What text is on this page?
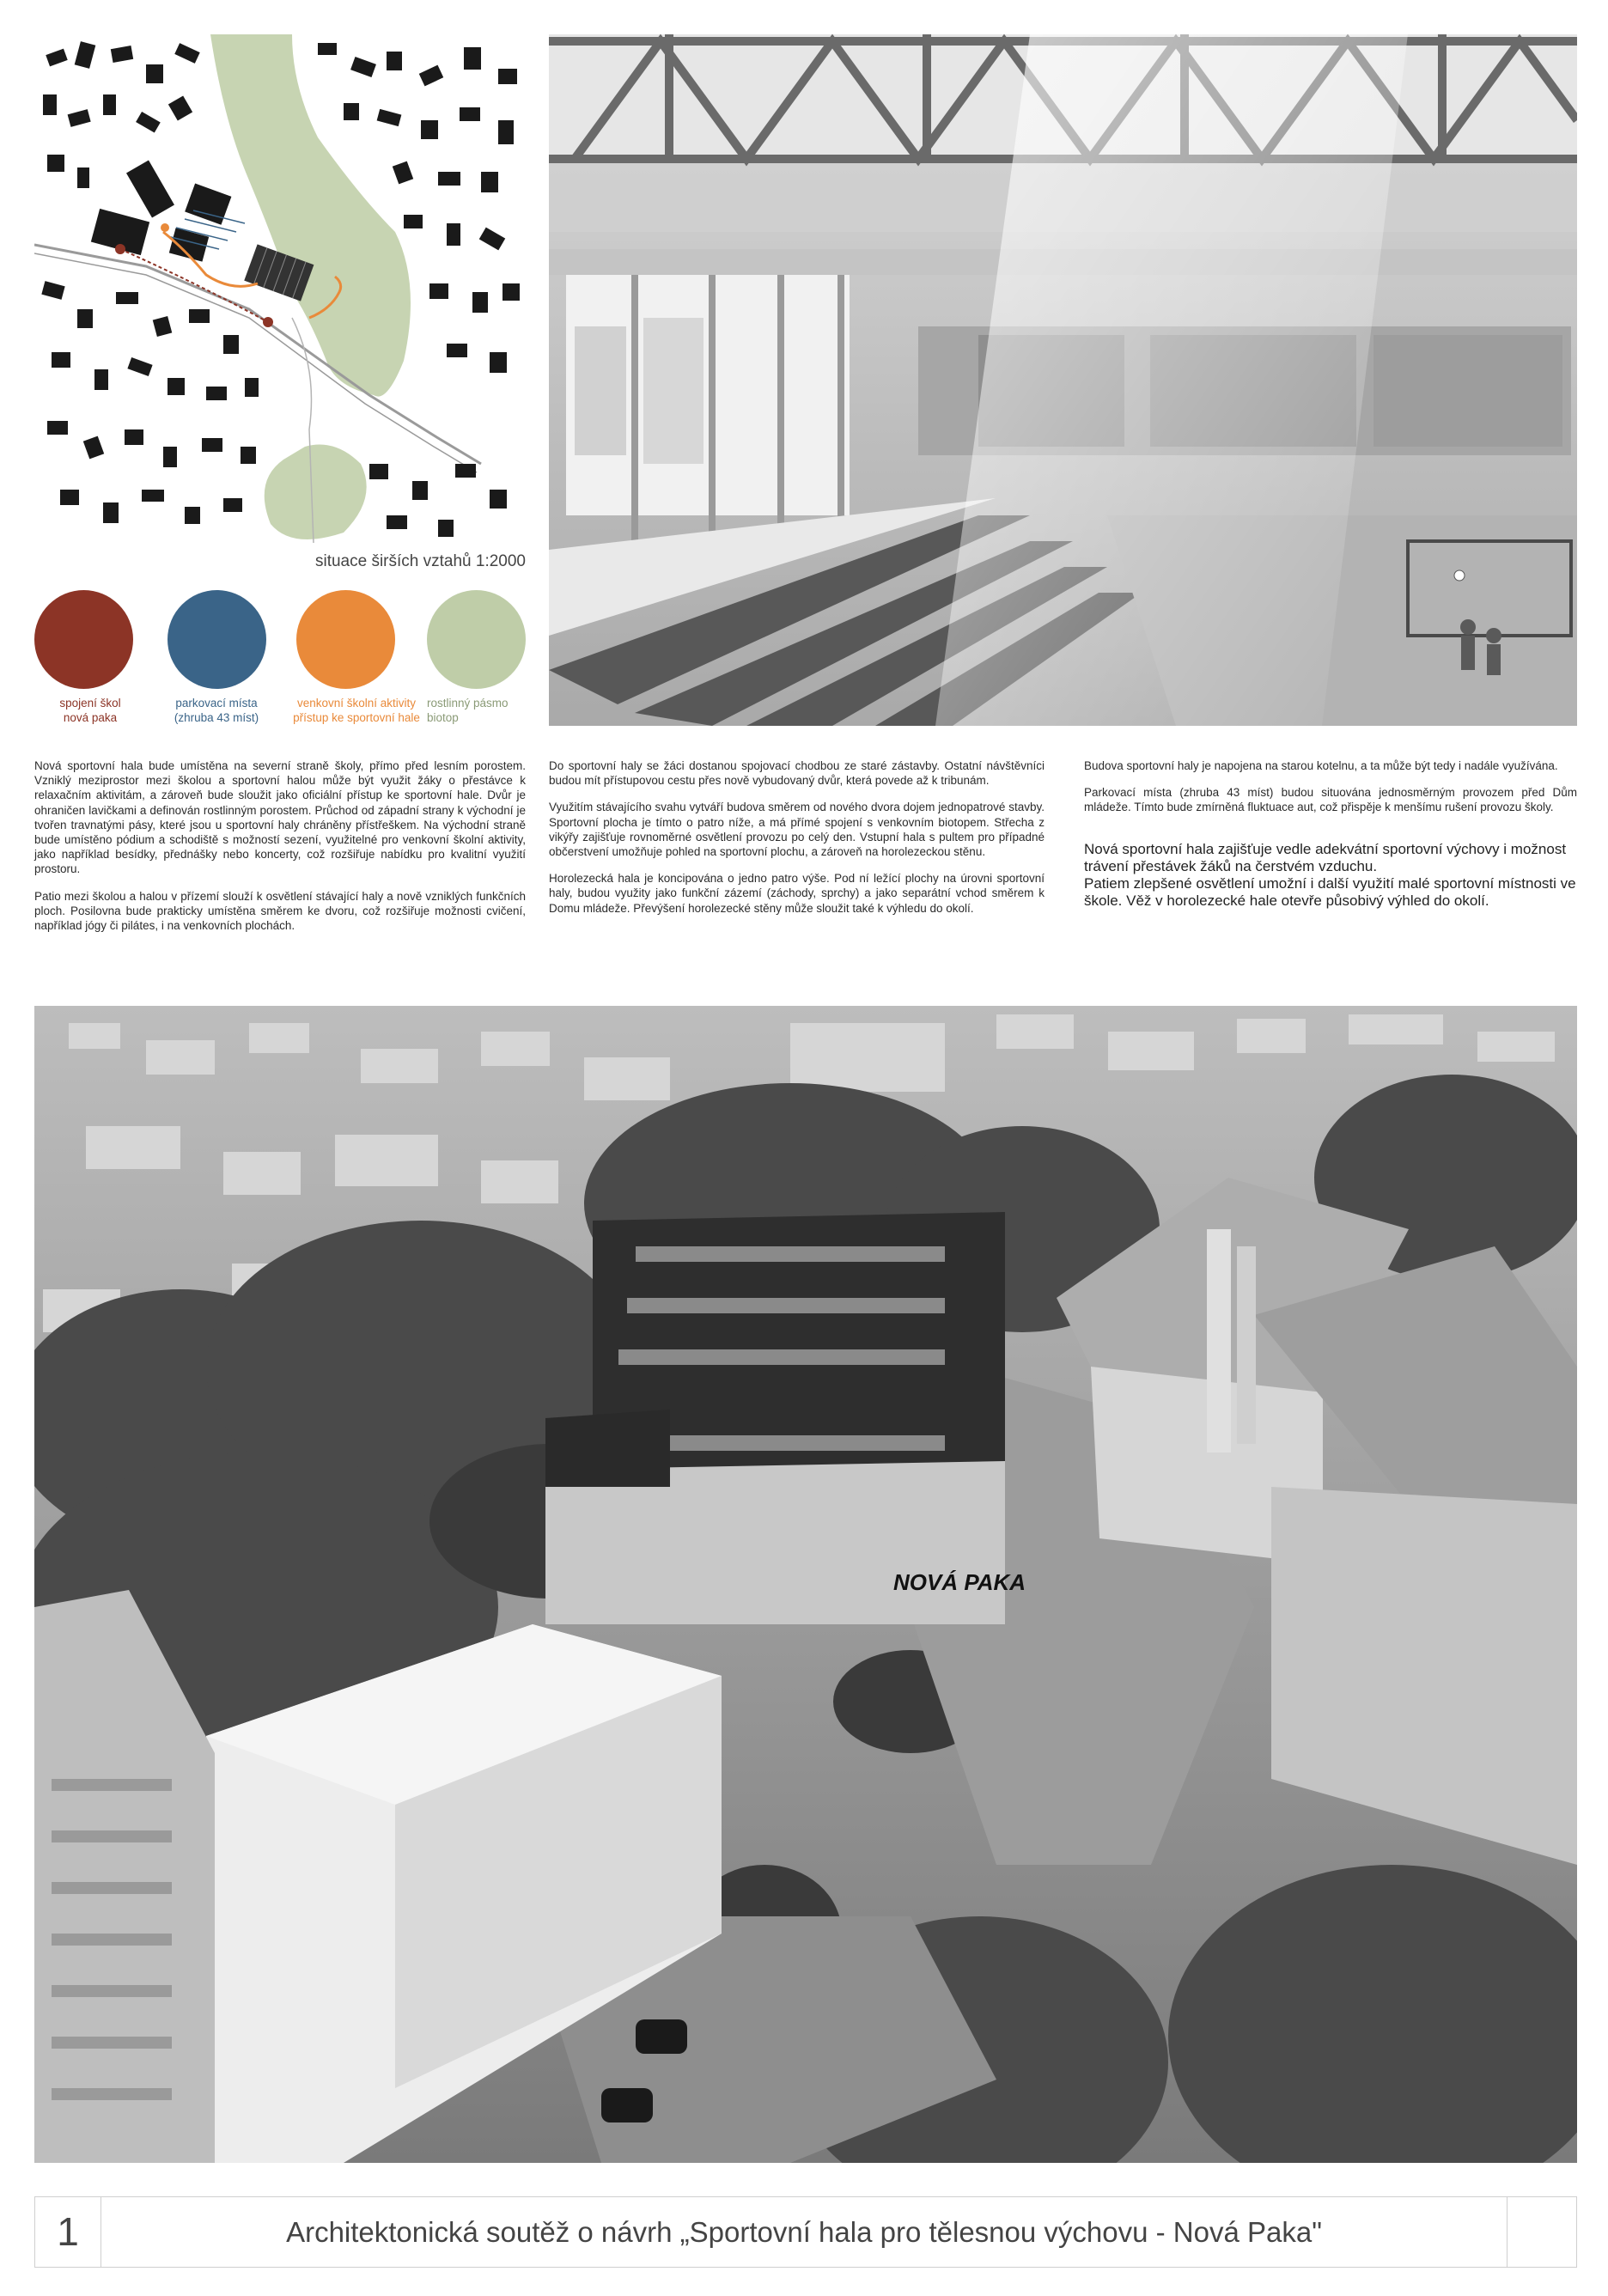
situace širších vztahů 1:2000
spojení škol
nová paka
parkovací místa
(zhruba 43 míst)
venkovní školní aktivity
přístup ke sportovní hale
rostlinný pásmo
biotop

Nová sportovní hala bude umístěna na severní straně školy, přímo před lesním porostem. Vzniklý meziprostor mezi školou a sportovní halou může být využit žáky o přestávce k relaxačním aktivitám, a zároveň bude sloužit jako oficiální přístup ke sportovní hale. Dvůr je ohraničen lavičkami a definován rostlinným porostem. Průchod od západní strany k východní je tvořen travnatými pásy, které jsou u sportovní haly chráněny přístřeškem. Na východní straně bude umístěno pódium a schodiště s možností sezení, využitelné pro venkovní školní aktivity, jako například besídky, přednášky nebo koncerty, což rozšiřuje nabídku pro kvalitní využití prostoru.

Patio mezi školou a halou v přízemí slouží k osvětlení stávající haly a nově vzniklých funkčních ploch. Posilovna bude prakticky umístěna směrem ke dvoru, což rozšiřuje možnosti cvičení, například jógy či pilátes, i na venkovních plochách.

Do sportovní haly se žáci dostanou spojovací chodbou ze staré zástavby. Ostatní návštěvníci budou mít přístupovou cestu přes nově vybudovaný dvůr, která povede až k tribunám.

Využitím stávajícího svahu vytváří budova směrem od nového dvora dojem jednopatrové stavby. Sportovní plocha je tímto o patro níže, a má přímé spojení s venkovním biotopem. Střecha z vikýřy zajišťuje rovnoměrné osvětlení provozu po celý den. Vstupní hala s pultem pro případné občerstvení umožňuje pohled na sportovní plochu, a zároveň na horolezeckou stěnu.

Horolezecká hala je koncipována o jedno patro výše. Pod ní ležící plochy na úrovni sportovní haly, budou využity jako funkční zázemí (záchody, sprchy) a jako separátní vchod směrem k Domu mládeže. Převýšení horolezecké stěny může sloužit také k výhledu do okolí.

Budova sportovní haly je napojena na starou kotelnu, a ta může být tedy i nadále využívána.

Parkovací místa (zhruba 43 míst) budou situována jednosměrným provozem před Dům mládeže. Tímto bude zmírněná fluktuace aut, což přispěje k menšímu rušení provozu školy.

Nová sportovní hala zajišťuje vedle adekvátní sportovní výchovy i možnost trávení přestávek žáků na čerstvém vzduchu.
Patiem zlepšené osvětlení umožní i další využití malé sportovní místnosti ve škole. Věž v horolezecké hale otevře působivý výhled do okolí.

NOVÁ PAKA
1	Architektonická soutěž o návrh „Sportovní hala pro tělesnou výchovu - Nová Paka"
